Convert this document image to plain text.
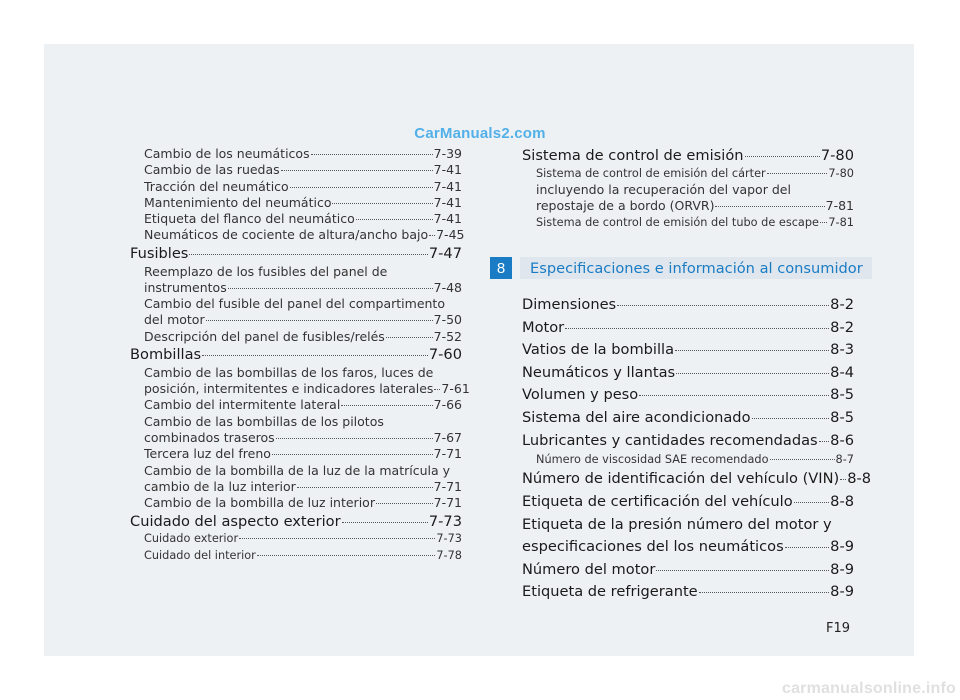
CarManuals2.com
Cambio de los neumáticos	7-39
Cambio de las ruedas	7-41
Tracción del neumático	7-41
Mantenimiento del neumático	7-41
Etiqueta del flanco del neumático	7-41
Neumáticos de cociente de altura/ancho bajo 7-45
Fusibles	7-47
Reemplazo de los fusibles del panel de
instrumentos	7-48
Cambio del fusible del panel del compartimento
del motor	7-50
Descripción del panel de fusibles/relés	7-52
Bombillas	7-60
Cambio de las bombillas de los faros, luces de
posición, intermitentes e indicadores laterales 7-61
Cambio del intermitente lateral	7-66
Cambio de las bombillas de los pilotos
combinados traseros	7-67
Tercera luz del freno	7-71
Cambio de la bombilla de la luz de la matrícula y
cambio de la luz interior	7-71
Cambio de la bombilla de luz interior	7-71
Cuidado del aspecto exterior	7-73
Cuidado exterior	7-73
Cuidado del interior	7-78
Sistema de control de emisión	7-80
Sistema de control de emisión del cárter	7-80
incluyendo la recuperación del vapor del
repostaje de a bordo (ORVR)	7-81
Sistema de control de emisión del tubo de escape 7-81
8	Especificaciones e información al consumidor
Dimensiones	8-2
Motor	8-2
Vatios de la bombilla	8-3
Neumáticos y llantas	8-4
Volumen y peso	8-5
Sistema del aire acondicionado	8-5
Lubricantes y cantidades recomendadas 8-6
Número de viscosidad SAE recomendado	8-7
Número de identificación del vehículo (VIN) 8-8
Etiqueta de certificación del vehículo	8-8
Etiqueta de la presión número del motor y
especificaciones del los neumáticos	8-9
Número del motor	8-9
Etiqueta de refrigerante	8-9
F19
carmanualsonline.info
